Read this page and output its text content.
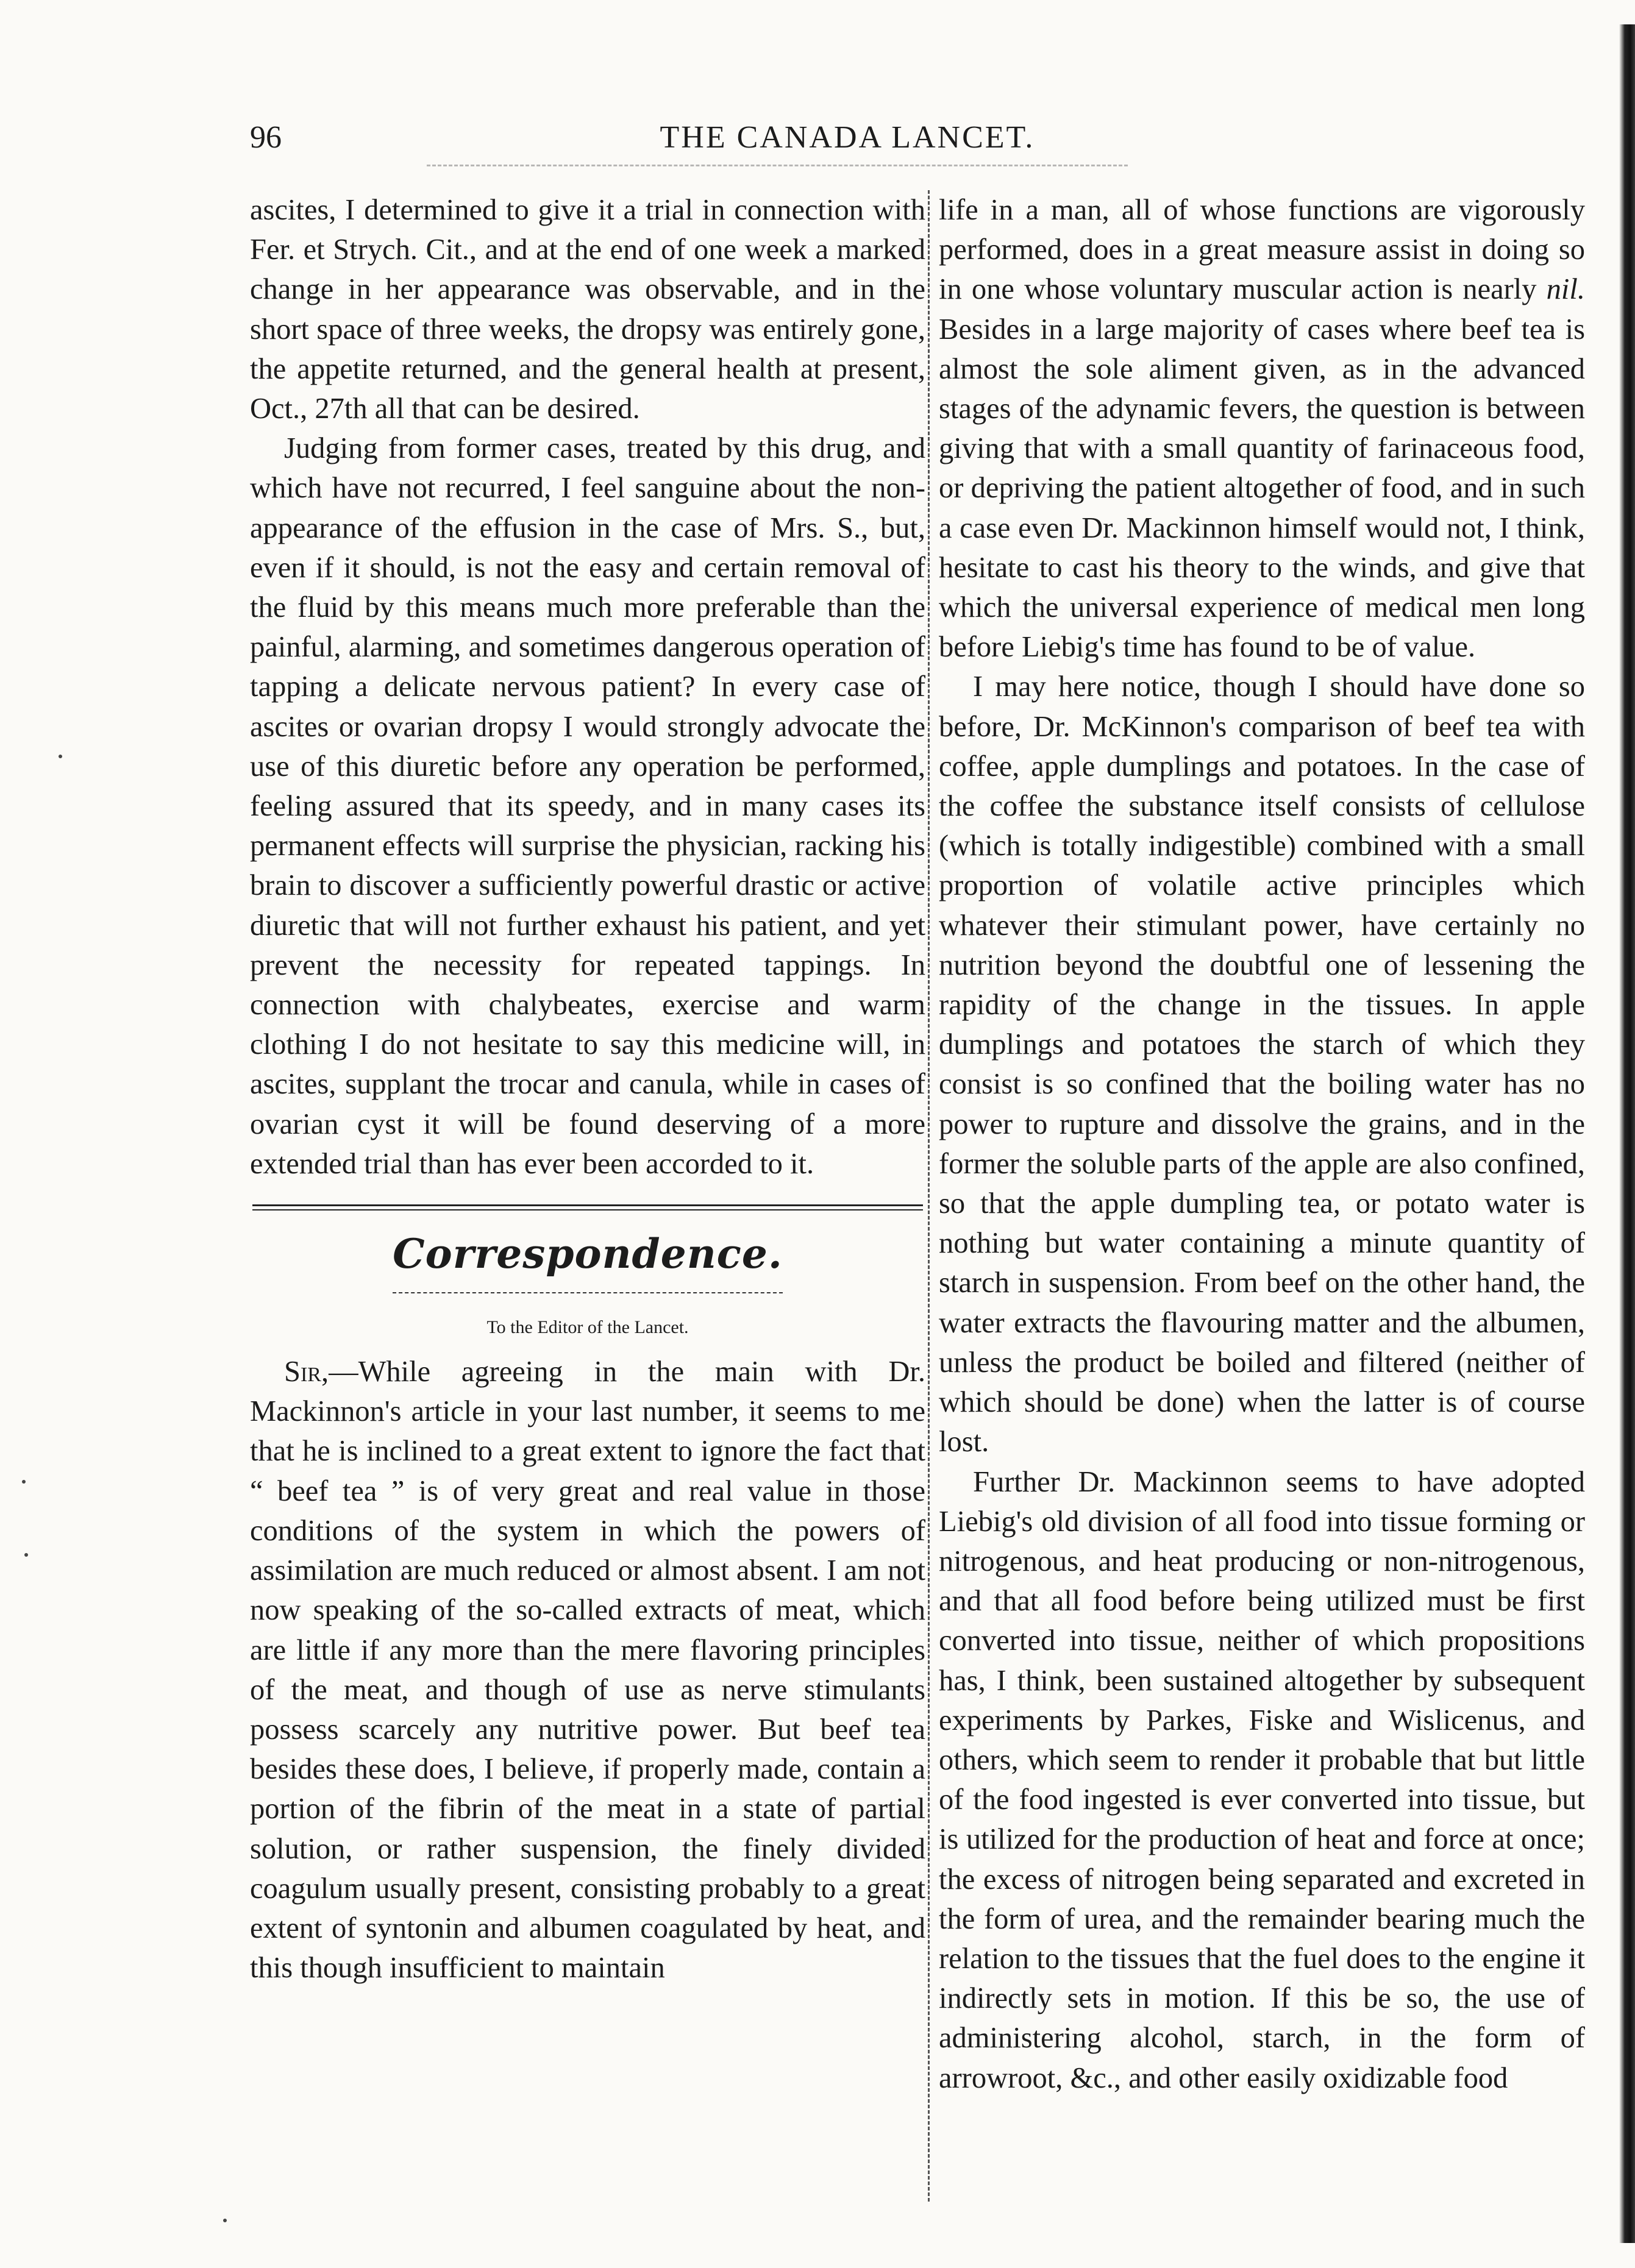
96	THE CANADA LANCET.

ascites, I determined to give it a trial in connection with Fer. et Strych. Cit., and at the end of one week a marked change in her appearance was observable, and in the short space of three weeks, the dropsy was entirely gone, the appetite returned, and the general health at present, Oct., 27th all that can be desired.

Judging from former cases, treated by this drug, and which have not recurred, I feel sanguine about the non-appearance of the effusion in the case of Mrs. S., but, even if it should, is not the easy and certain removal of the fluid by this means much more preferable than the painful, alarming, and sometimes dangerous operation of tapping a delicate nervous patient? In every case of ascites or ovarian dropsy I would strongly advocate the use of this diuretic before any operation be performed, feeling assured that its speedy, and in many cases its permanent effects will surprise the physician, racking his brain to discover a sufficiently powerful drastic or active diuretic that will not further exhaust his patient, and yet prevent the necessity for repeated tappings. In connection with chalybeates, exercise and warm clothing I do not hesitate to say this medicine will, in ascites, supplant the trocar and canula, while in cases of ovarian cyst it will be found deserving of a more extended trial than has ever been accorded to it.

Correspondence.
To the Editor of the Lancet.

Sir,—While agreeing in the main with Dr. Mackinnon's article in your last number, it seems to me that he is inclined to a great extent to ignore the fact that “ beef tea ” is of very great and real value in those conditions of the system in which the powers of assimilation are much reduced or almost absent. I am not now speaking of the so-called extracts of meat, which are little if any more than the mere flavoring principles of the meat, and though of use as nerve stimulants possess scarcely any nutritive power. But beef tea besides these does, I believe, if properly made, contain a portion of the fibrin of the meat in a state of partial solution, or rather suspension, the finely divided coagulum usually present, consisting probably to a great extent of syntonin and albumen coagulated by heat, and this though insufficient to maintain

life in a man, all of whose functions are vigorously performed, does in a great measure assist in doing so in one whose voluntary muscular action is nearly nil. Besides in a large majority of cases where beef tea is almost the sole aliment given, as in the advanced stages of the adynamic fevers, the question is between giving that with a small quantity of farinaceous food, or depriving the patient altogether of food, and in such a case even Dr. Mackinnon himself would not, I think, hesitate to cast his theory to the winds, and give that which the universal experience of medical men long before Liebig's time has found to be of value.

I may here notice, though I should have done so before, Dr. McKinnon's comparison of beef tea with coffee, apple dumplings and potatoes. In the case of the coffee the substance itself consists of cellulose (which is totally indigestible) combined with a small proportion of volatile active principles which whatever their stimulant power, have certainly no nutrition beyond the doubtful one of lessening the rapidity of the change in the tissues. In apple dumplings and potatoes the starch of which they consist is so confined that the boiling water has no power to rupture and dissolve the grains, and in the former the soluble parts of the apple are also confined, so that the apple dumpling tea, or potato water is nothing but water containing a minute quantity of starch in suspension. From beef on the other hand, the water extracts the flavouring matter and the albumen, unless the product be boiled and filtered (neither of which should be done) when the latter is of course lost.

Further Dr. Mackinnon seems to have adopted Liebig's old division of all food into tissue forming or nitrogenous, and heat producing or non-nitrogenous, and that all food before being utilized must be first converted into tissue, neither of which propositions has, I think, been sustained altogether by subsequent experiments by Parkes, Fiske and Wislicenus, and others, which seem to render it probable that but little of the food ingested is ever converted into tissue, but is utilized for the production of heat and force at once; the excess of nitrogen being separated and excreted in the form of urea, and the remainder bearing much the relation to the tissues that the fuel does to the engine it indirectly sets in motion. If this be so, the use of administering alcohol, starch, in the form of arrowroot, &c., and other easily oxidizable food
